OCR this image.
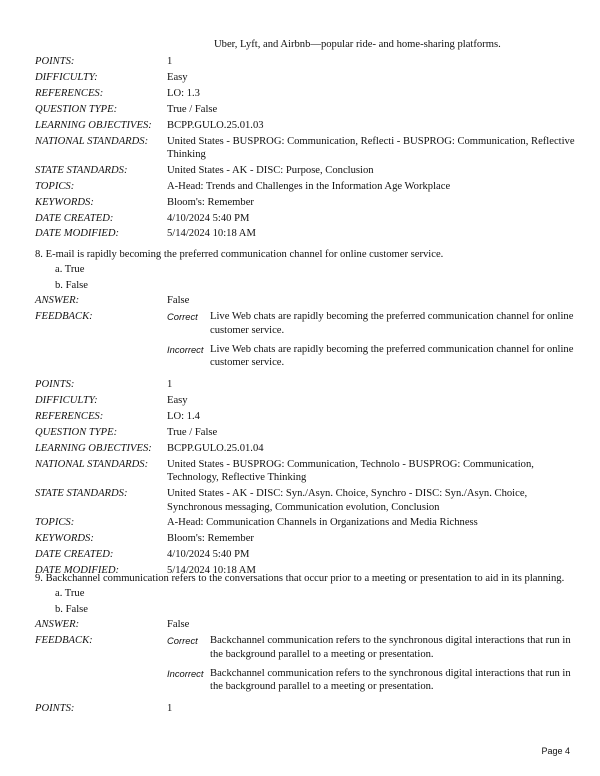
Uber, Lyft, and Airbnb—popular ride- and home-sharing platforms.
POINTS:	1
DIFFICULTY:	Easy
REFERENCES:	LO: 1.3
QUESTION TYPE:	True / False
LEARNING OBJECTIVES:	BCPP.GULO.25.01.03
NATIONAL STANDARDS:	United States - BUSPROG: Communication, Reflecti - BUSPROG: Communication, Reflective Thinking
STATE STANDARDS:	United States - AK - DISC: Purpose, Conclusion
TOPICS:	A-Head: Trends and Challenges in the Information Age Workplace
KEYWORDS:	Bloom's: Remember
DATE CREATED:	4/10/2024 5:40 PM
DATE MODIFIED:	5/14/2024 10:18 AM
8. E-mail is rapidly becoming the preferred communication channel for online customer service.
a. True
b. False
ANSWER:	False
FEEDBACK:	Correct	Live Web chats are rapidly becoming the preferred communication channel for online customer service.
Incorrect Live Web chats are rapidly becoming the preferred communication channel for online customer service.
POINTS:	1
DIFFICULTY:	Easy
REFERENCES:	LO: 1.4
QUESTION TYPE:	True / False
LEARNING OBJECTIVES:	BCPP.GULO.25.01.04
NATIONAL STANDARDS:	United States - BUSPROG: Communication, Technolo - BUSPROG: Communication, Technology, Reflective Thinking
STATE STANDARDS:	United States - AK - DISC: Syn./Asyn. Choice, Synchro - DISC: Syn./Asyn. Choice, Synchronous messaging, Communication evolution, Conclusion
TOPICS:	A-Head: Communication Channels in Organizations and Media Richness
KEYWORDS:	Bloom's: Remember
DATE CREATED:	4/10/2024 5:40 PM
DATE MODIFIED:	5/14/2024 10:18 AM
9. Backchannel communication refers to the conversations that occur prior to a meeting or presentation to aid in its planning.
a. True
b. False
ANSWER:	False
FEEDBACK:	Correct	Backchannel communication refers to the synchronous digital interactions that run in the background parallel to a meeting or presentation.
Incorrect Backchannel communication refers to the synchronous digital interactions that run in the background parallel to a meeting or presentation.
POINTS:	1
Page 4
